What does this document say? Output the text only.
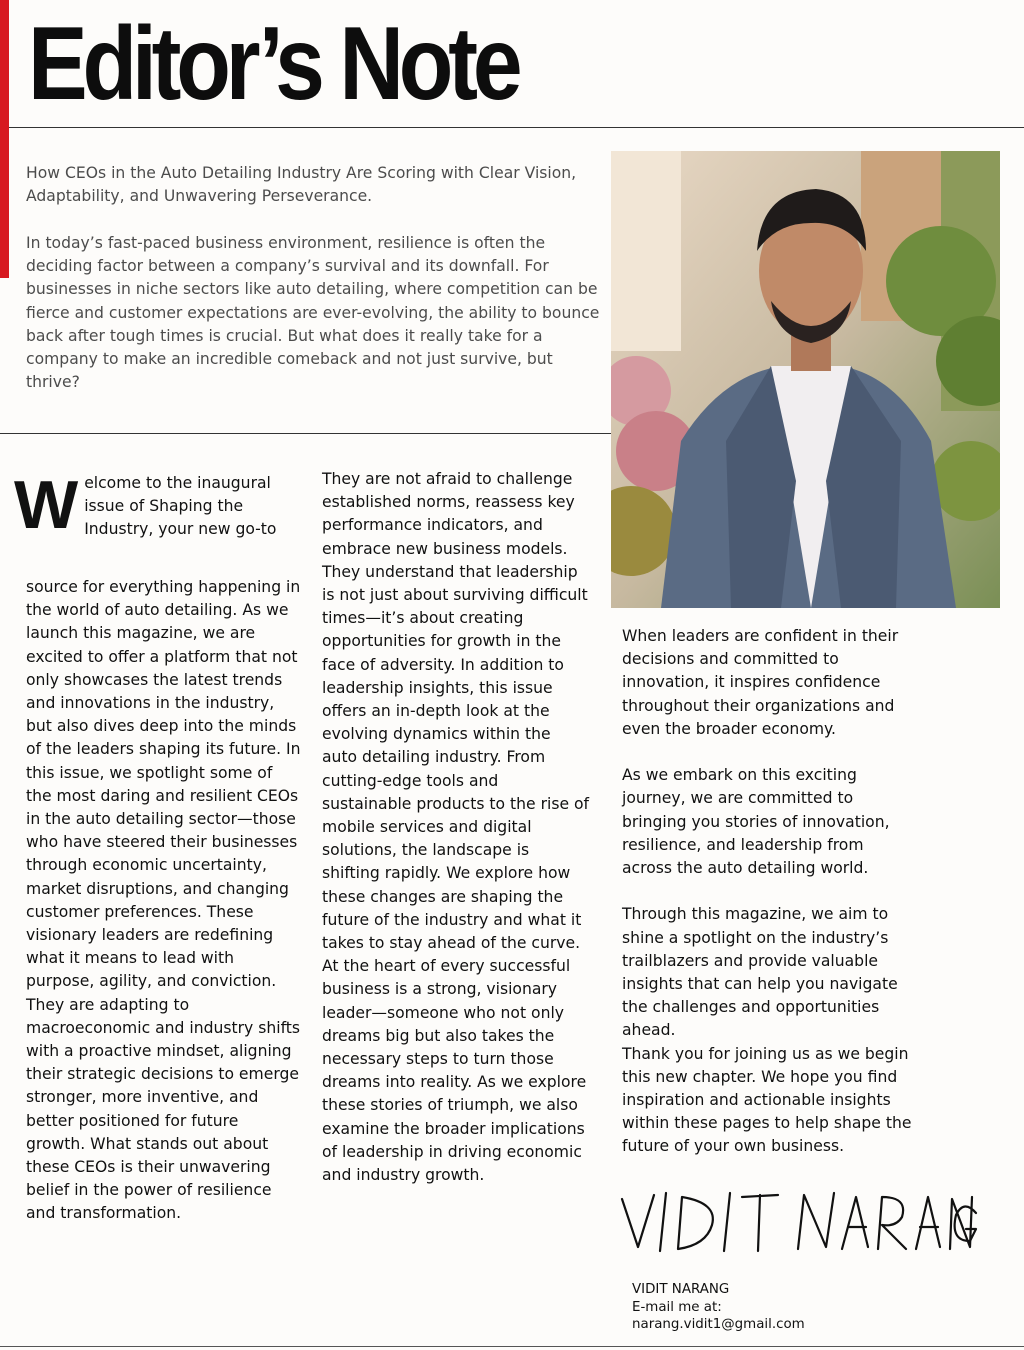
Editor’s Note

How CEOs in the Auto Detailing Industry Are Scoring with Clear Vision, Adaptability, and Unwavering Perseverance.

In today’s fast-paced business environment, resilience is often the deciding factor between a company’s survival and its downfall. For businesses in niche sectors like auto detailing, where competition can be fierce and customer expectations are ever-evolving, the ability to bounce back after tough times is crucial. But what does it really take for a company to make an incredible comeback and not just survive, but thrive?

W elcome to the inaugural issue of Shaping the Industry, your new go-to

source for everything happening in the world of auto detailing. As we launch this magazine, we are excited to offer a platform that not only showcases the latest trends and innovations in the industry, but also dives deep into the minds of the leaders shaping its future. In this issue, we spotlight some of the most daring and resilient CEOs in the auto detailing sector—those who have steered their businesses through economic uncertainty, market disruptions, and changing customer preferences. These visionary leaders are redefining what it means to lead with purpose, agility, and conviction. They are adapting to macroeconomic and industry shifts with a proactive mindset, aligning their strategic decisions to emerge stronger, more inventive, and better positioned for future growth. What stands out about these CEOs is their unwavering belief in the power of resilience and transformation.

They are not afraid to challenge established norms, reassess key performance indicators, and embrace new business models. They understand that leadership is not just about surviving difficult times—it’s about creating opportunities for growth in the face of adversity. In addition to leadership insights, this issue offers an in-depth look at the evolving dynamics within the auto detailing industry. From cutting-edge tools and sustainable products to the rise of mobile services and digital solutions, the landscape is shifting rapidly. We explore how these changes are shaping the future of the industry and what it takes to stay ahead of the curve.

At the heart of every successful business is a strong, visionary leader—someone who not only dreams big but also takes the necessary steps to turn those dreams into reality. As we explore these stories of triumph, we also examine the broader implications of leadership in driving economic and industry growth.

When leaders are confident in their decisions and committed to innovation, it inspires confidence throughout their organizations and even the broader economy.

As we embark on this exciting journey, we are committed to bringing you stories of innovation, resilience, and leadership from across the auto detailing world.

Through this magazine, we aim to shine a spotlight on the industry’s trailblazers and provide valuable insights that can help you navigate the challenges and opportunities ahead.

Thank you for joining us as we begin this new chapter. We hope you find inspiration and actionable insights within these pages to help shape the future of your own business.

VIDIT NARANG
E-mail me at:
narang.vidit1@gmail.com
